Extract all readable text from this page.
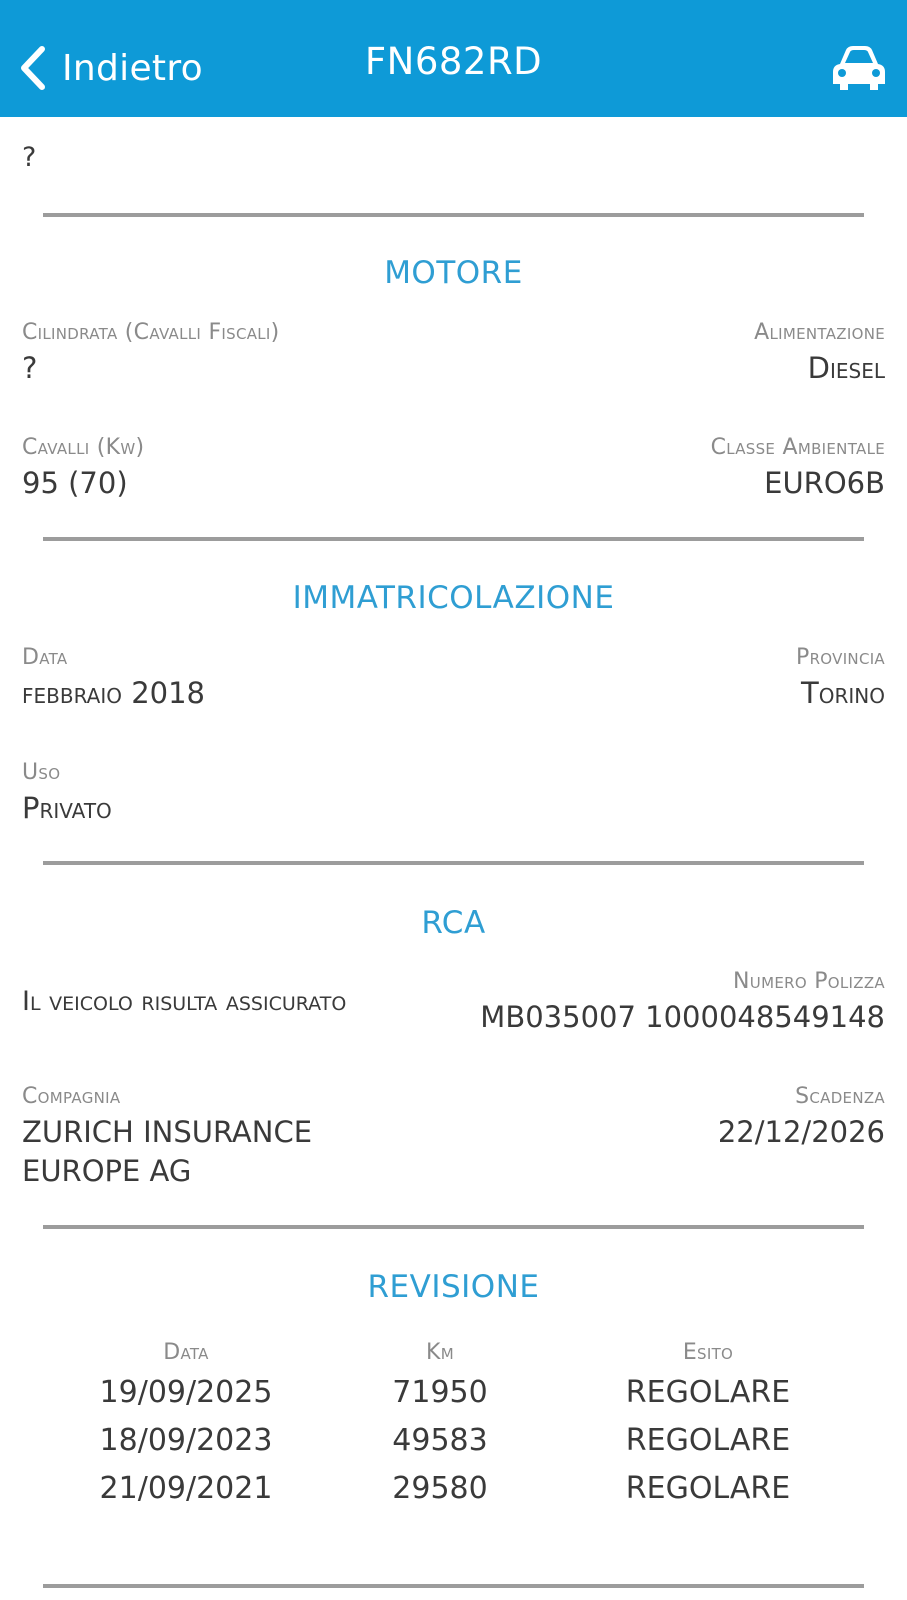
Indietro	FN682RD
?
MOTORE
Cilindrata (Cavalli Fiscali)
?
Alimentazione
Diesel
Cavalli (Kw)
95 (70)
Classe Ambientale
EURO6B
IMMATRICOLAZIONE
Data
febbraio 2018
Provincia
Torino
Uso
Privato
RCA
Il veicolo risulta assicurato
Numero Polizza
MB035007 1000048549148
Compagnia
ZURICH INSURANCE
EUROPE AG
Scadenza
22/12/2026
REVISIONE
Data	Km	Esito
19/09/2025	71950	REGOLARE
18/09/2023	49583	REGOLARE
21/09/2021	29580	REGOLARE
